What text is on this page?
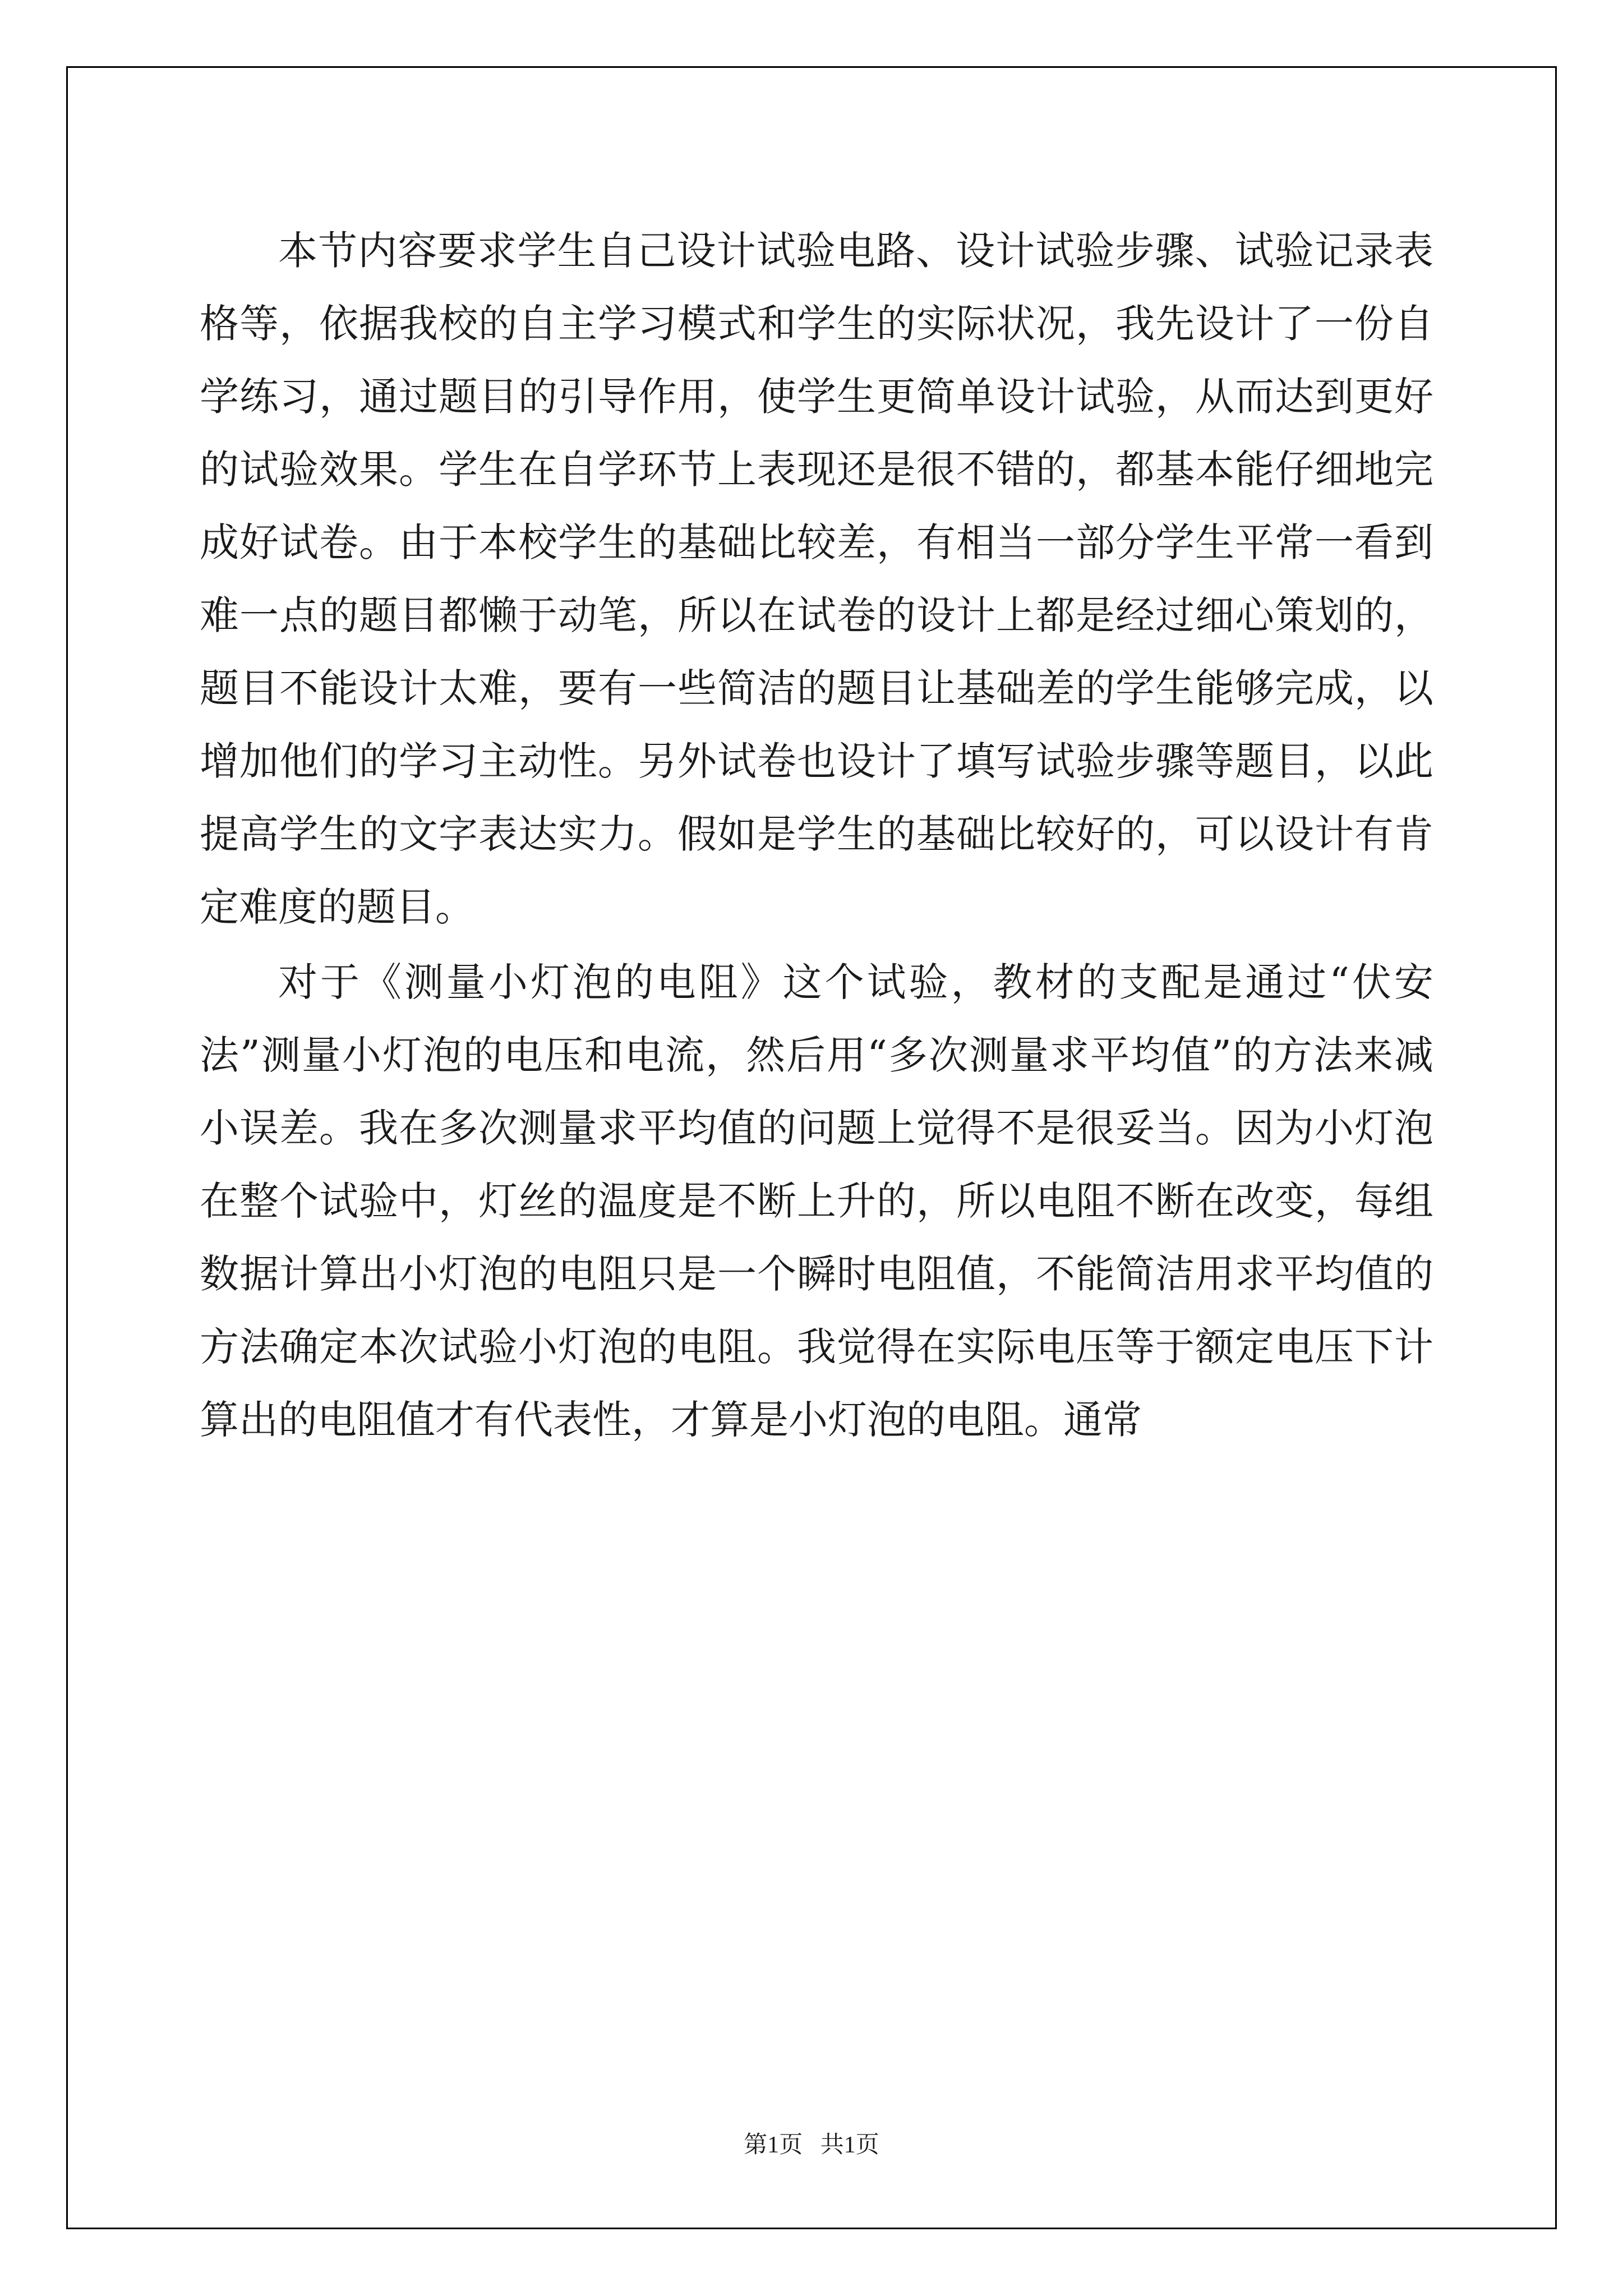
本节内容要求学生自己设计试验电路、设计试验步骤、试验记录表格等，依据我校的自主学习模式和学生的实际状况，我先设计了一份自学练习，通过题目的引导作用，使学生更简单设计试验，从而达到更好的试验效果。学生在自学环节上表现还是很不错的，都基本能仔细地完成好试卷。由于本校学生的基础比较差，有相当一部分学生平常一看到难一点的题目都懒于动笔，所以在试卷的设计上都是经过细心策划的，题目不能设计太难，要有一些简洁的题目让基础差的学生能够完成，以增加他们的学习主动性。另外试卷也设计了填写试验步骤等题目，以此提高学生的文字表达实力。假如是学生的基础比较好的，可以设计有肯定难度的题目。

对于《测量小灯泡的电阻》这个试验，教材的支配是通过“伏安法”测量小灯泡的电压和电流，然后用“多次测量求平均值”的方法来减小误差。我在多次测量求平均值的问题上觉得不是很妥当。因为小灯泡在整个试验中，灯丝的温度是不断上升的，所以电阻不断在改变，每组数据计算出小灯泡的电阻只是一个瞬时电阻值，不能简洁用求平均值的方法确定本次试验小灯泡的电阻。我觉得在实际电压等于额定电压下计算出的电阻值才有代表性，才算是小灯泡的电阻。通常

第1页   共1页
